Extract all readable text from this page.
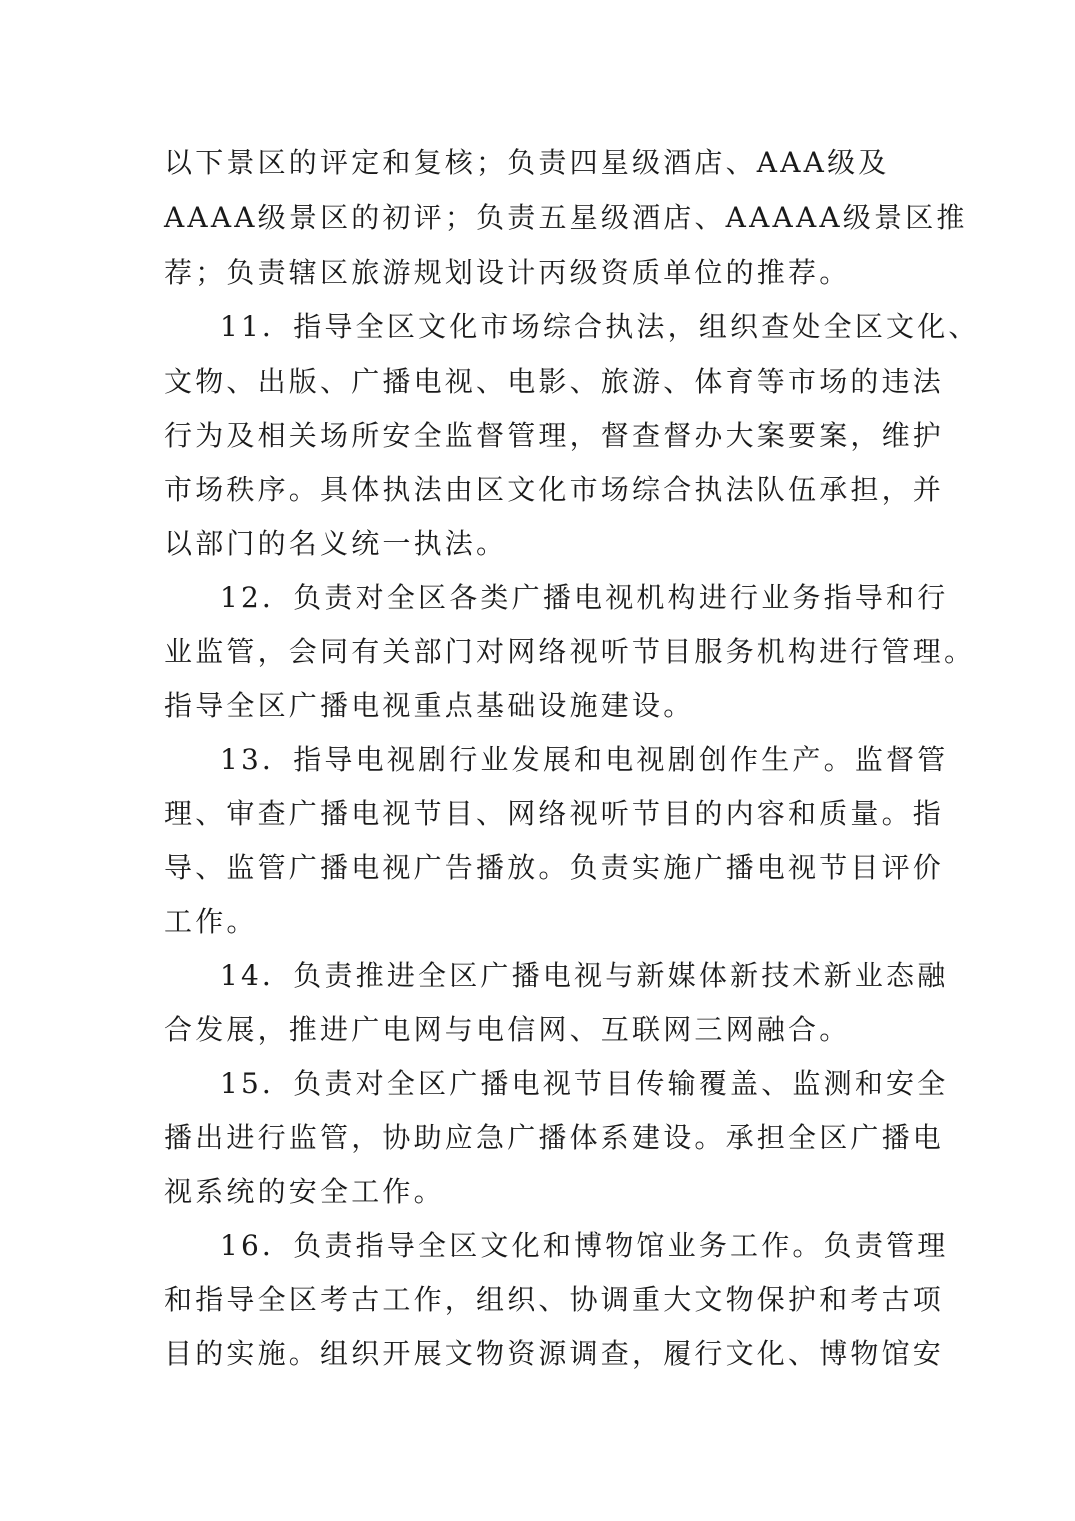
以下景区的评定和复核；负责四星级酒店、AAA级及
AAAA级景区的初评；负责五星级酒店、AAAAA级景区推
荐；负责辖区旅游规划设计丙级资质单位的推荐。
11．指导全区文化市场综合执法，组织查处全区文化、
文物、出版、广播电视、电影、旅游、体育等市场的违法
行为及相关场所安全监督管理，督查督办大案要案，维护
市场秩序。具体执法由区文化市场综合执法队伍承担，并
以部门的名义统一执法。
12．负责对全区各类广播电视机构进行业务指导和行
业监管，会同有关部门对网络视听节目服务机构进行管理。
指导全区广播电视重点基础设施建设。
13．指导电视剧行业发展和电视剧创作生产。监督管
理、审查广播电视节目、网络视听节目的内容和质量。指
导、监管广播电视广告播放。负责实施广播电视节目评价
工作。
14．负责推进全区广播电视与新媒体新技术新业态融
合发展，推进广电网与电信网、互联网三网融合。
15．负责对全区广播电视节目传输覆盖、监测和安全
播出进行监管，协助应急广播体系建设。承担全区广播电
视系统的安全工作。
16．负责指导全区文化和博物馆业务工作。负责管理
和指导全区考古工作，组织、协调重大文物保护和考古项
目的实施。组织开展文物资源调查，履行文化、博物馆安
